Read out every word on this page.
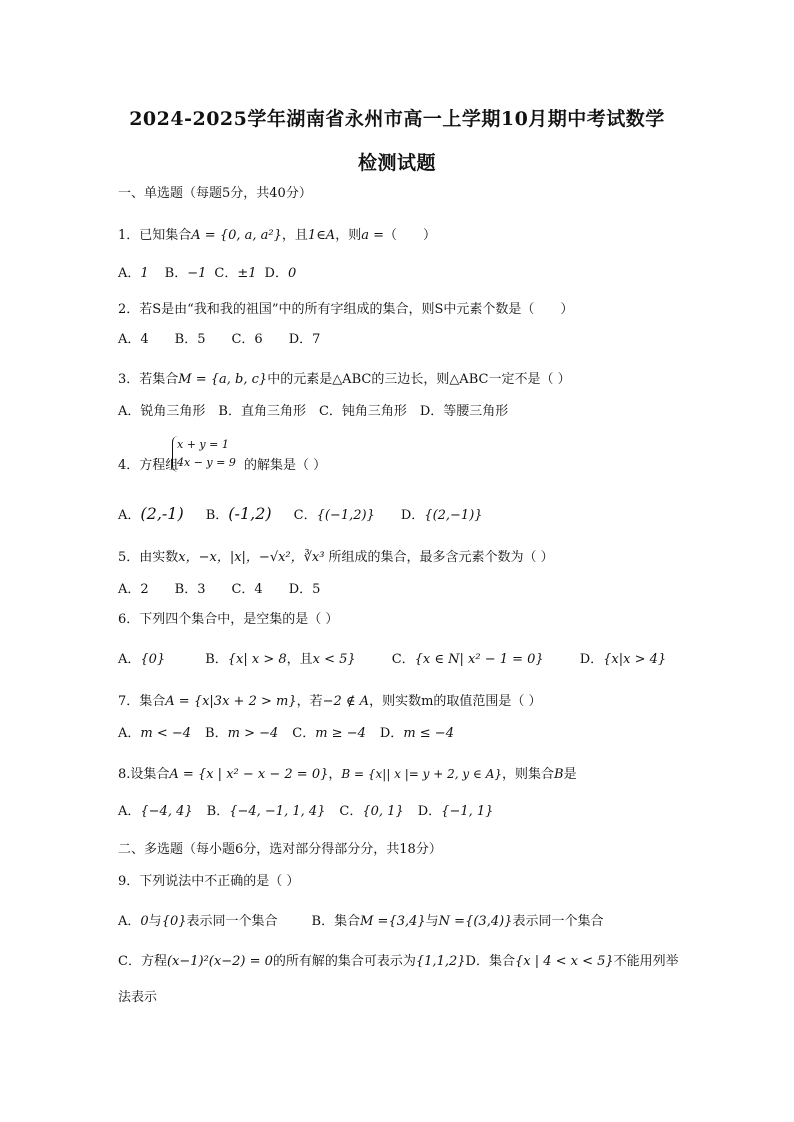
2024-2025学年湖南省永州市高一上学期10月期中考试数学
检测试题
一、单选题（每题5分，共40分）
1．已知集合A = {0, a, a²}，且1∈A，则a =（　　）
A．1 B．−1 C．±1 D．0
2．若S是由“我和我的祖国”中的所有字组成的集合，则S中元素个数是（　　）
A．4　　B．5　　C．6　　D．7
3．若集合M = {a, b, c}中的元素是△ABC的三边长，则△ABC一定不是（ ）
A．锐角三角形　B．直角三角形　C．钝角三角形　D．等腰三角形
4．方程组
x + y = 1
4x − y = 9 的解集是（ ）
A．(2,-1) B．(-1,2) C．{(−1,2)} D．{(2,−1)}
5．由实数x，−x，|x|，−√x²，∛x³ 所组成的集合，最多含元素个数为（ ）
A．2　　B．3　　C．4　　D．5
6．下列四个集合中，是空集的是（ ）
A．{0}	B．{x| x > 8，且x < 5}	C．{x ∈ N| x² − 1 = 0}	D．{x|x > 4}
7．集合A = {x|3x + 2 > m}，若−2 ∉ A，则实数m的取值范围是（ ）
A．m < −4 B．m > −4 C．m ≥ −4 D．m ≤ −4
8.设集合A = {x | x² − x − 2 = 0}，B = {x|| x |= y + 2, y ∈ A}，则集合B是
A．{−4, 4} B．{−4, −1, 1, 4} C．{0, 1} D．{−1, 1}
二、多选题（每小题6分，选对部分得部分分，共18分）
9．下列说法中不正确的是（ ）
A．0与{0}表示同一个集合	B．集合M ={3,4}与N ={(3,4)}表示同一个集合
C．方程(x−1)²(x−2) = 0的所有解的集合可表示为{1,1,2}D．集合{x | 4 < x < 5}不能用列举
法表示
